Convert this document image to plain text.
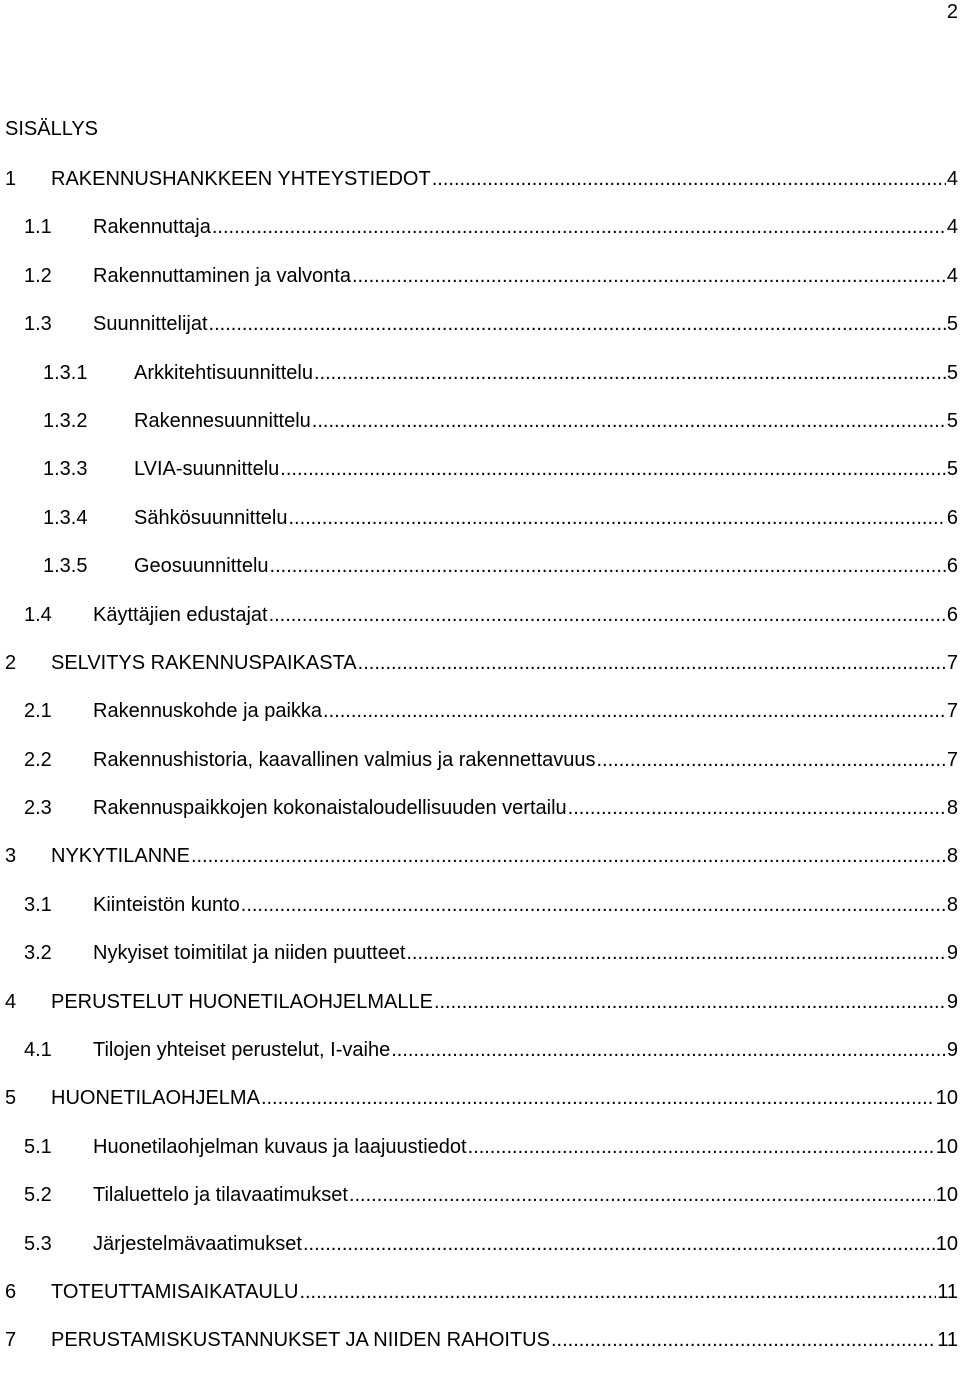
2
SISÄLLYS
1	RAKENNUSHANKKEEN YHTEYSTIEDOT .....	4
1.1	Rakennuttaja .....	4
1.2	Rakennuttaminen ja valvonta .....	4
1.3	Suunnittelijat .....	5
1.3.1	Arkkitehtisuunnittelu .....	5
1.3.2	Rakennesuunnittelu .....	5
1.3.3	LVIA-suunnittelu .....	5
1.3.4	Sähkösuunnittelu .....	6
1.3.5	Geosuunnittelu .....	6
1.4	Käyttäjien edustajat .....	6
2	SELVITYS RAKENNUSPAIKASTA .....	7
2.1	Rakennuskohde ja paikka .....	7
2.2	Rakennushistoria, kaavallinen valmius ja rakennettavuus .....	7
2.3	Rakennuspaikkojen kokonaistaloudellisuuden vertailu .....	8
3	NYKYTILANNE .....	8
3.1	Kiinteistön kunto .....	8
3.2	Nykyiset toimitilat ja niiden puutteet .....	9
4	PERUSTELUT HUONETILAOHJELMALLE .....	9
4.1	Tilojen yhteiset perustelut, I-vaihe .....	9
5	HUONETILAOHJELMA .....	10
5.1	Huonetilaohjelman kuvaus ja laajuustiedot .....	10
5.2	Tilaluettelo ja tilavaatimukset .....	10
5.3	Järjestelmävaatimukset .....	10
6	TOTEUTTAMISAIKATAULU .....	11
7	PERUSTAMISKUSTANNUKSET JA NIIDEN RAHOITUS .....	11
